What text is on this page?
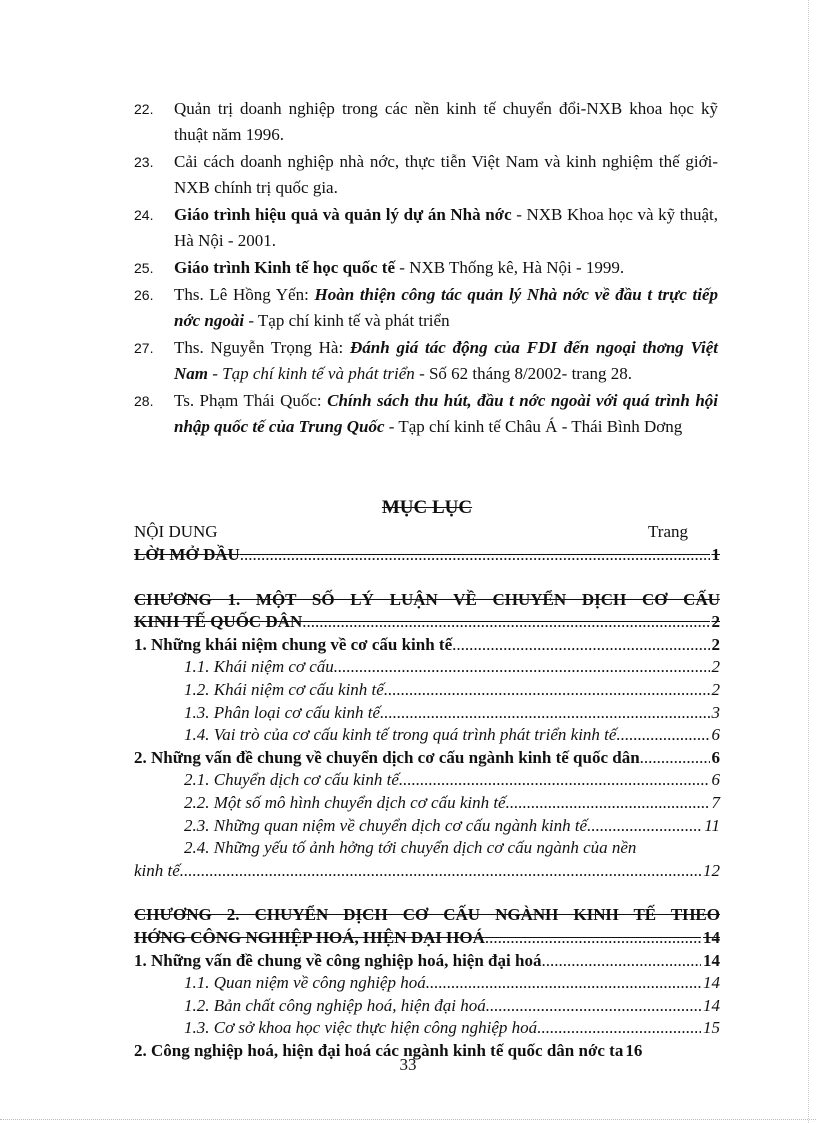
22. Quản trị doanh nghiệp trong các nền kinh tế chuyển đổi-NXB khoa học kỹ thuật năm 1996.
23. Cải cách doanh nghiệp nhà nớc, thực tiễn Việt Nam và kinh nghiệm thế giới-NXB chính trị quốc gia.
24. Giáo trình hiệu quả và quản lý dự án Nhà nớc - NXB Khoa học và kỹ thuật, Hà Nội - 2001.
25. Giáo trình Kinh tế học quốc tế - NXB Thống kê, Hà Nội - 1999.
26. Ths. Lê Hồng Yến: Hoàn thiện công tác quản lý Nhà nớc về đầu t trực tiếp nớc ngoài - Tạp chí kinh tế và phát triển
27. Ths. Nguyễn Trọng Hà: Đánh giá tác động của FDI đến ngoại thơng Việt Nam - Tạp chí kinh tế và phát triển - Số 62 tháng 8/2002- trang 28.
28. Ts. Phạm Thái Quốc: Chính sách thu hút, đầu t nớc ngoài với quá trình hội nhập quốc tế của Trung Quốc - Tạp chí kinh tế Châu Á - Thái Bình Dơng
MỤC LỤC
NỘI DUNG	Trang
LỜI MỞ ĐẦU .....	1
CHƯƠNG 1. MỘT SỐ LÝ LUẬN VỀ CHUYỂN DỊCH CƠ CẤU
KINH TẾ QUỐC DÂN .....	2
1. Những khái niệm chung về cơ cấu kinh tế .....	2
1.1. Khái niệm cơ cấu .....	2
1.2. Khái niệm cơ cấu kinh tế .....	2
1.3. Phân loại cơ cấu kinh tế .....	3
1.4. Vai trò của cơ cấu kinh tế trong quá trình phát triển kinh tế .....	6
2. Những vấn đề chung về chuyển dịch cơ cấu ngành kinh tế quốc dân .....	6
2.1. Chuyển dịch cơ cấu kinh tế .....	6
2.2. Một số mô hình chuyển dịch cơ cấu kinh tế .....	7
2.3. Những quan niệm về chuyển dịch cơ cấu ngành kinh tế .....	11
2.4. Những yếu tố ảnh hởng tới chuyển dịch cơ cấu ngành của nền
kinh tế .....	12
CHƯƠNG 2. CHUYỂN DỊCH CƠ CẤU NGÀNH KINH TẾ THEO
HỚNG CÔNG NGHIỆP HOÁ, HIỆN ĐẠI HOÁ .....	14
1. Những vấn đề chung về công nghiệp hoá, hiện đại hoá .....	14
1.1. Quan niệm về công nghiệp hoá .....	14
1.2. Bản chất công nghiệp hoá, hiện đại hoá .....	14
1.3. Cơ sở khoa học việc thực hiện công nghiệp hoá .....	15
2. Công nghiệp hoá, hiện đại hoá các ngành kinh tế quốc dân nớc ta 16
33
